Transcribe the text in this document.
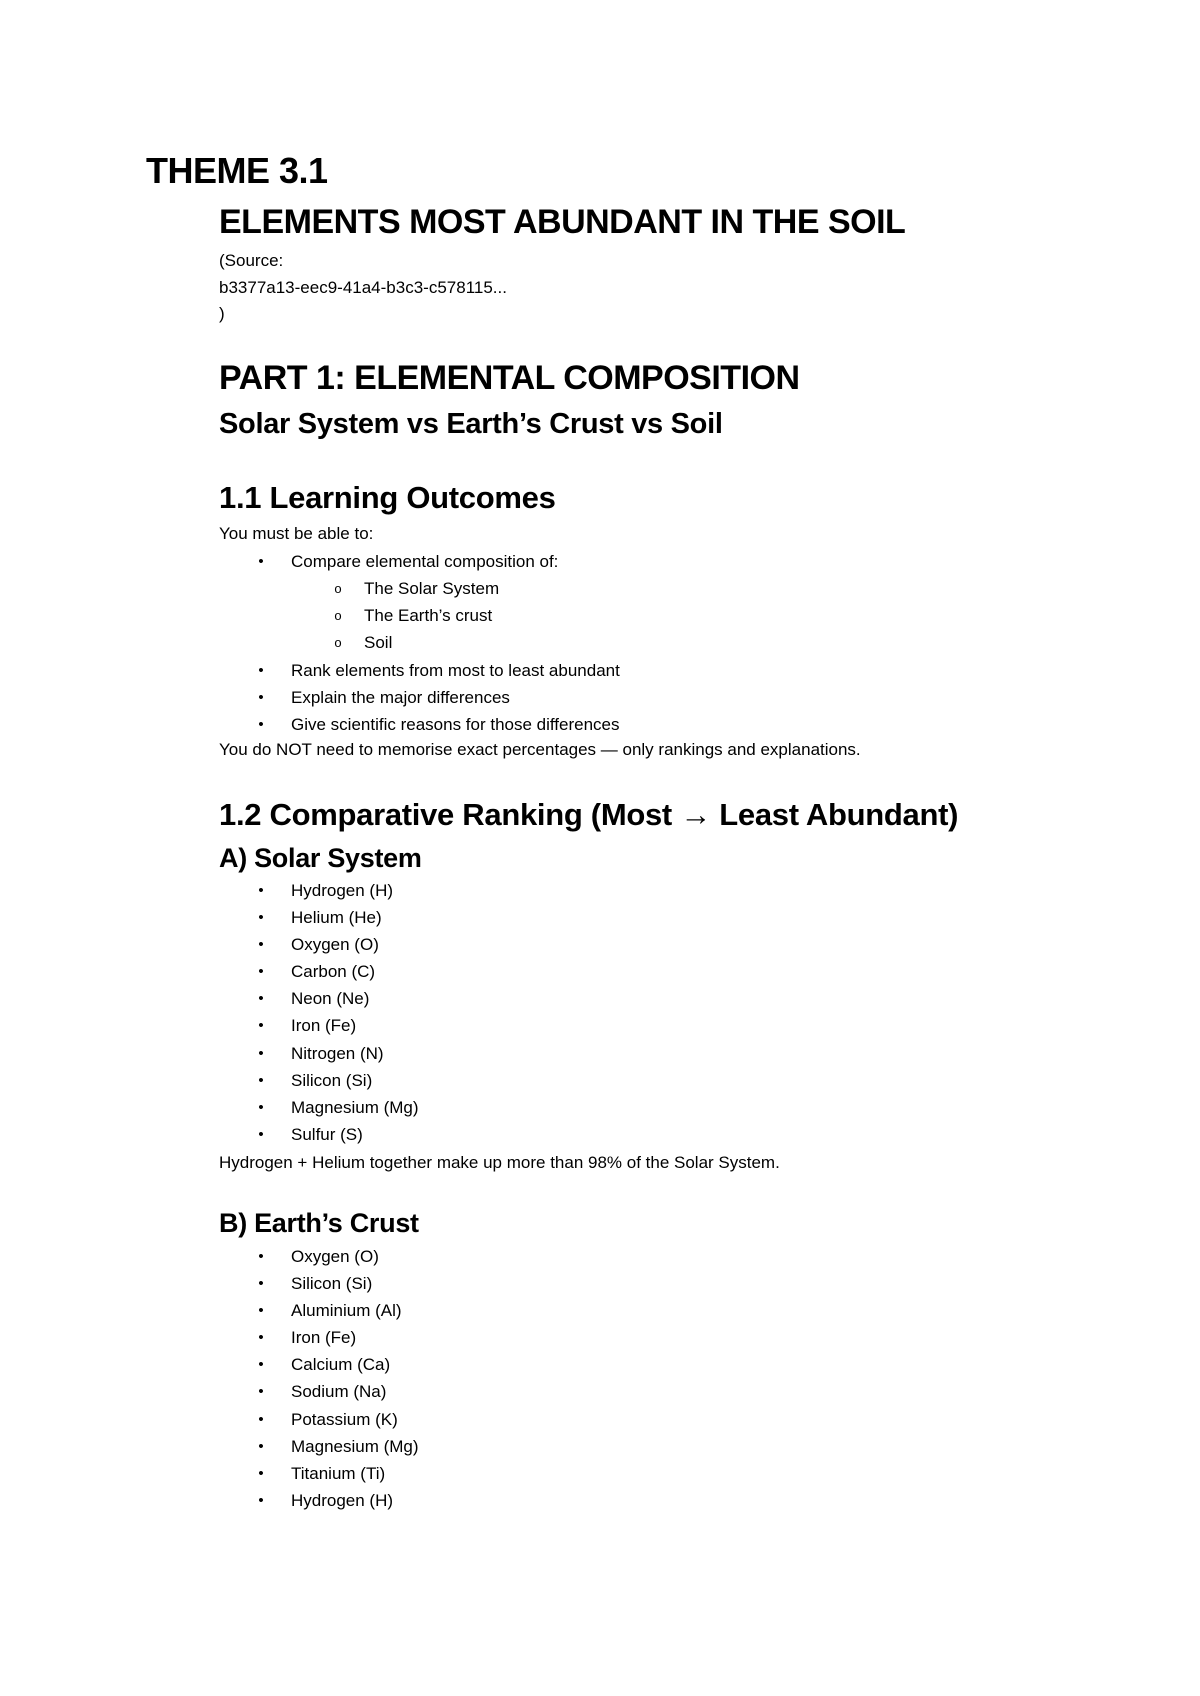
THEME 3.1
ELEMENTS MOST ABUNDANT IN THE SOIL
(Source:
b3377a13-eec9-41a4-b3c3-c578115...
)
PART 1: ELEMENTAL COMPOSITION
Solar System vs Earth’s Crust vs Soil
1.1 Learning Outcomes
You must be able to:
•	Compare elemental composition of:
o	The Solar System
o	The Earth’s crust
o	Soil
•	Rank elements from most to least abundant
•	Explain the major differences
•	Give scientific reasons for those differences
You do NOT need to memorise exact percentages — only rankings and explanations.
1.2 Comparative Ranking (Most → Least Abundant)
A) Solar System
•	Hydrogen (H)
•	Helium (He)
•	Oxygen (O)
•	Carbon (C)
•	Neon (Ne)
•	Iron (Fe)
•	Nitrogen (N)
•	Silicon (Si)
•	Magnesium (Mg)
•	Sulfur (S)
Hydrogen + Helium together make up more than 98% of the Solar System.
B) Earth’s Crust
•	Oxygen (O)
•	Silicon (Si)
•	Aluminium (Al)
•	Iron (Fe)
•	Calcium (Ca)
•	Sodium (Na)
•	Potassium (K)
•	Magnesium (Mg)
•	Titanium (Ti)
•	Hydrogen (H)
